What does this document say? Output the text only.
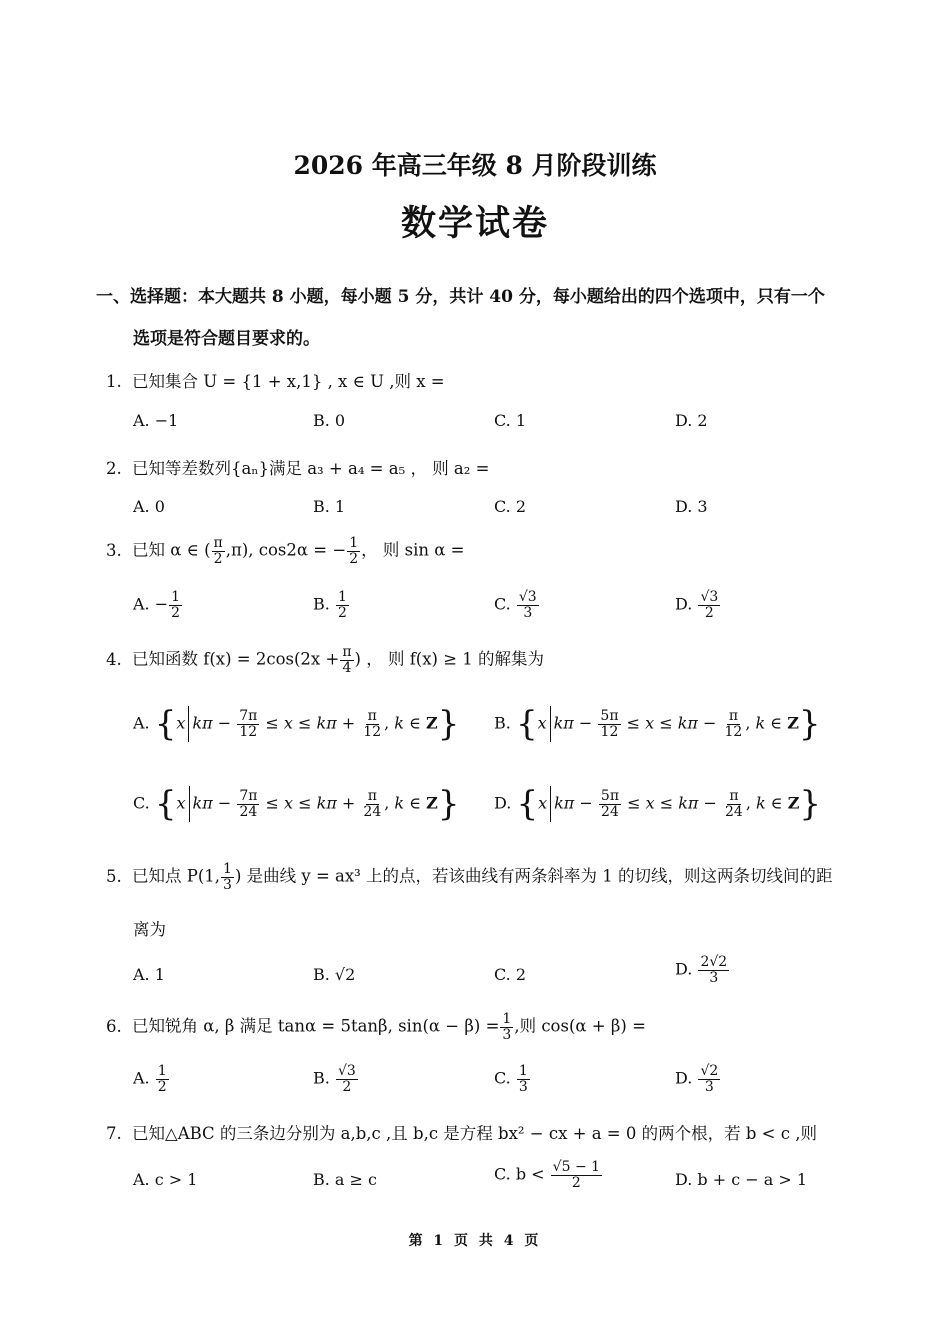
2026 年高三年级 8 月阶段训练
数学试卷
一、选择题：本大题共 8 小题，每小题 5 分，共计 40 分，每小题给出的四个选项中，只有一个
选项是符合题目要求的。
1. 已知集合 U = {1 + x,1} , x ∈ U ,则 x =
A. −1	B. 0	C. 1	D. 2
2. 已知等差数列{aₙ}满足 a₃ + a₄ = a₅ ， 则 a₂ =
A. 0	B. 1	C. 2	D. 3
3. 已知 α ∈ ( $\frac{\pi}{2} ,\pi$), cos2α = − $\frac{1}{2}$ ， 则 sin α =
A. − $\frac{1}{2}$	B. $\frac{1}{2}$	C. $\frac{√3}{3}$	D. $\frac{√3}{2}$
4. 已知函数 $f(x) = 2\cos(2x + \frac{\pi}{4}$ ) ， 则 f(x) ≥ 1 的解集为
A. {x $k\pi - \frac{7\pi}{12} \le x \le k\pi + \frac{\pi}{12}$ , k ∈ Z} B. {x $k\pi - \frac{5\pi}{12} \le x \le k\pi - \frac{\pi}{12}$ , k ∈ Z}
C. {x $k\pi - \frac{7\pi}{24} \le x \le k\pi + \frac{\pi}{24}$ , k ∈ Z} D. {x $k\pi - \frac{5\pi}{24} \le x \le k\pi - \frac{\pi}{24}$ , k ∈ Z}
5. 已知点 P(1, $\frac{1}{3}$ ) 是曲线 y = ax³ 上的点，若该曲线有两条斜率为 1 的切线，则这两条切线间的距
离为
A. 1	B. √2	C. 2	D. $\frac{2√2}{3}$
6. 已知锐角 α, β 满足 tanα = 5tanβ, $\sin(\alpha - \beta) = \frac{1}{3}$ ,则 cos(α + β) =
A. $\frac{1}{2}$	B. $\frac{√3}{2}$	C. $\frac{1}{3}$	D. $\frac{√2}{3}$
7. 已知△ABC 的三条边分别为 a,b,c ,且 b,c 是方程 bx² − cx + a = 0 的两个根，若 b < c ,则
A. c > 1	B. a ≥ c	C. $b < \frac{√5 - 1}{2}$	D. b + c − a > 1
第 1 页 共 4 页
